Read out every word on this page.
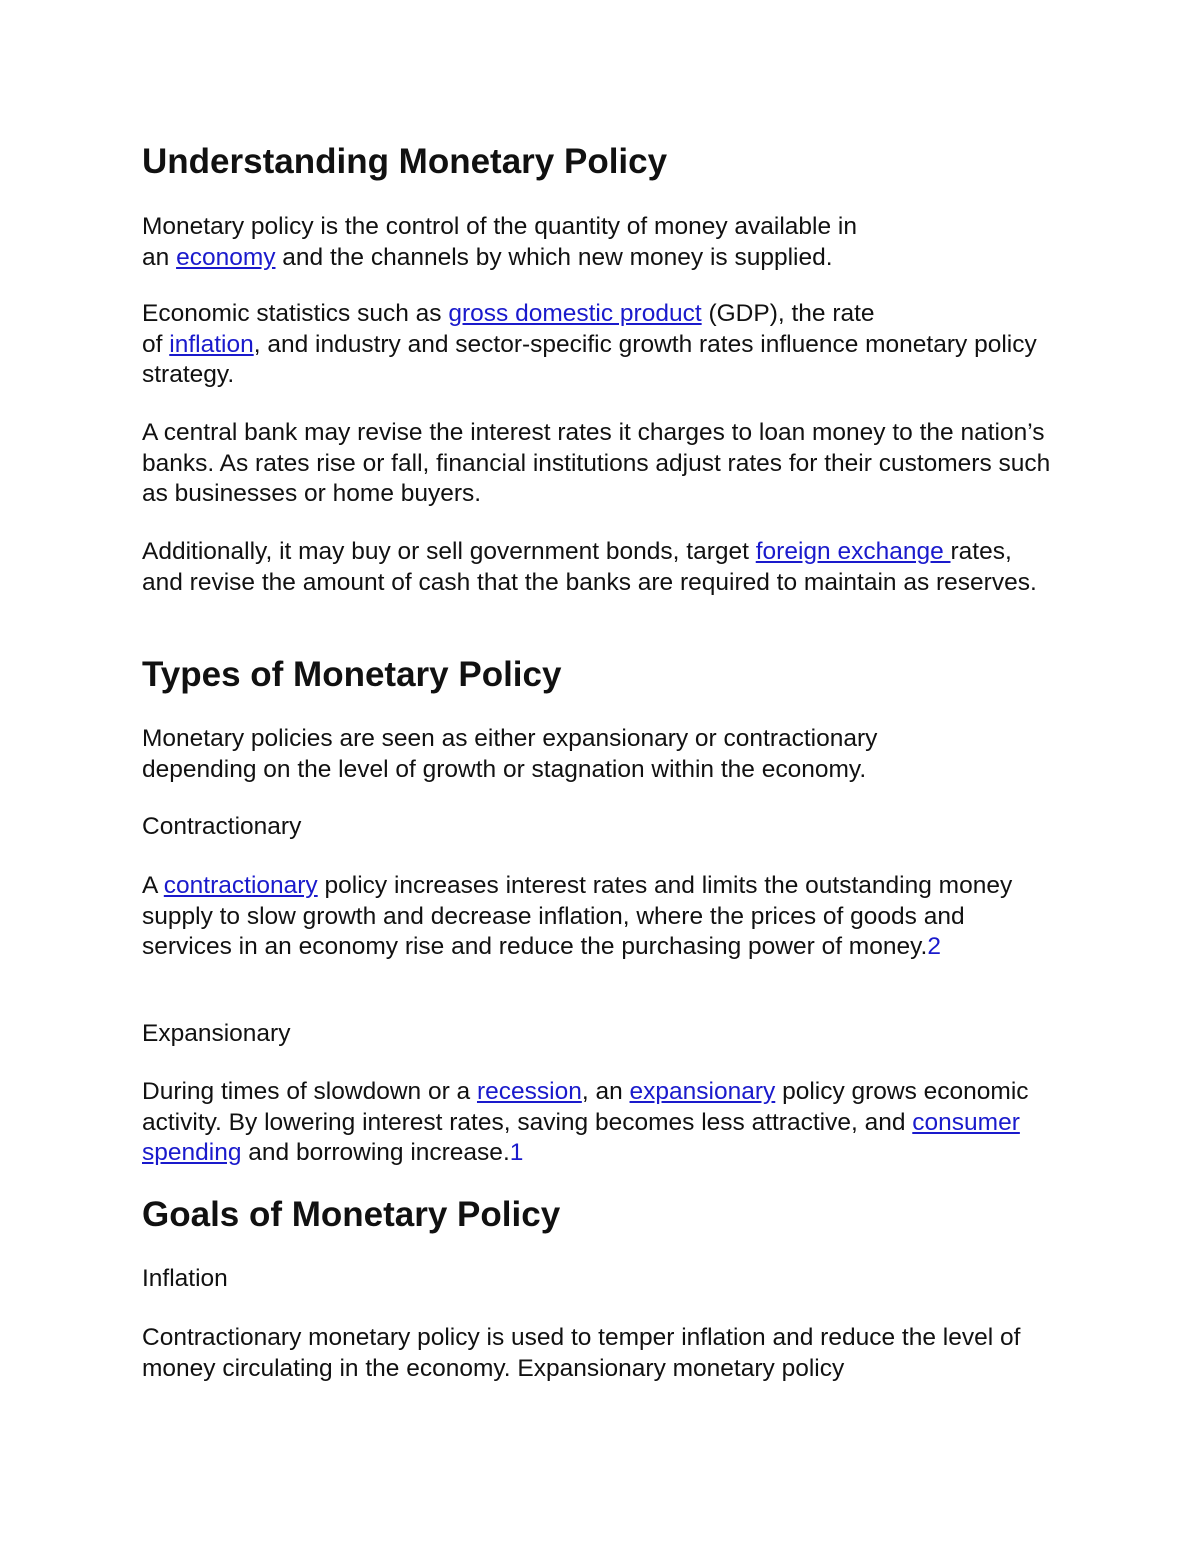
Understanding Monetary Policy

Monetary policy is the control of the quantity of money available in
an economy and the channels by which new money is supplied.

Economic statistics such as gross domestic product (GDP), the rate
of inflation, and industry and sector-specific growth rates influence monetary policy strategy.

A central bank may revise the interest rates it charges to loan money to the nation’s banks. As rates rise or fall, financial institutions adjust rates for their customers such as businesses or home buyers.

Additionally, it may buy or sell government bonds, target foreign exchange rates, and revise the amount of cash that the banks are required to maintain as reserves.

Types of Monetary Policy

Monetary policies are seen as either expansionary or contractionary depending on the level of growth or stagnation within the economy.

Contractionary

A contractionary policy increases interest rates and limits the outstanding money supply to slow growth and decrease inflation, where the prices of goods and services in an economy rise and reduce the purchasing power of money.2

Expansionary

During times of slowdown or a recession, an expansionary policy grows economic activity. By lowering interest rates, saving becomes less attractive, and consumer spending and borrowing increase.1

Goals of Monetary Policy

Inflation

Contractionary monetary policy is used to temper inflation and reduce the level of money circulating in the economy. Expansionary monetary policy
